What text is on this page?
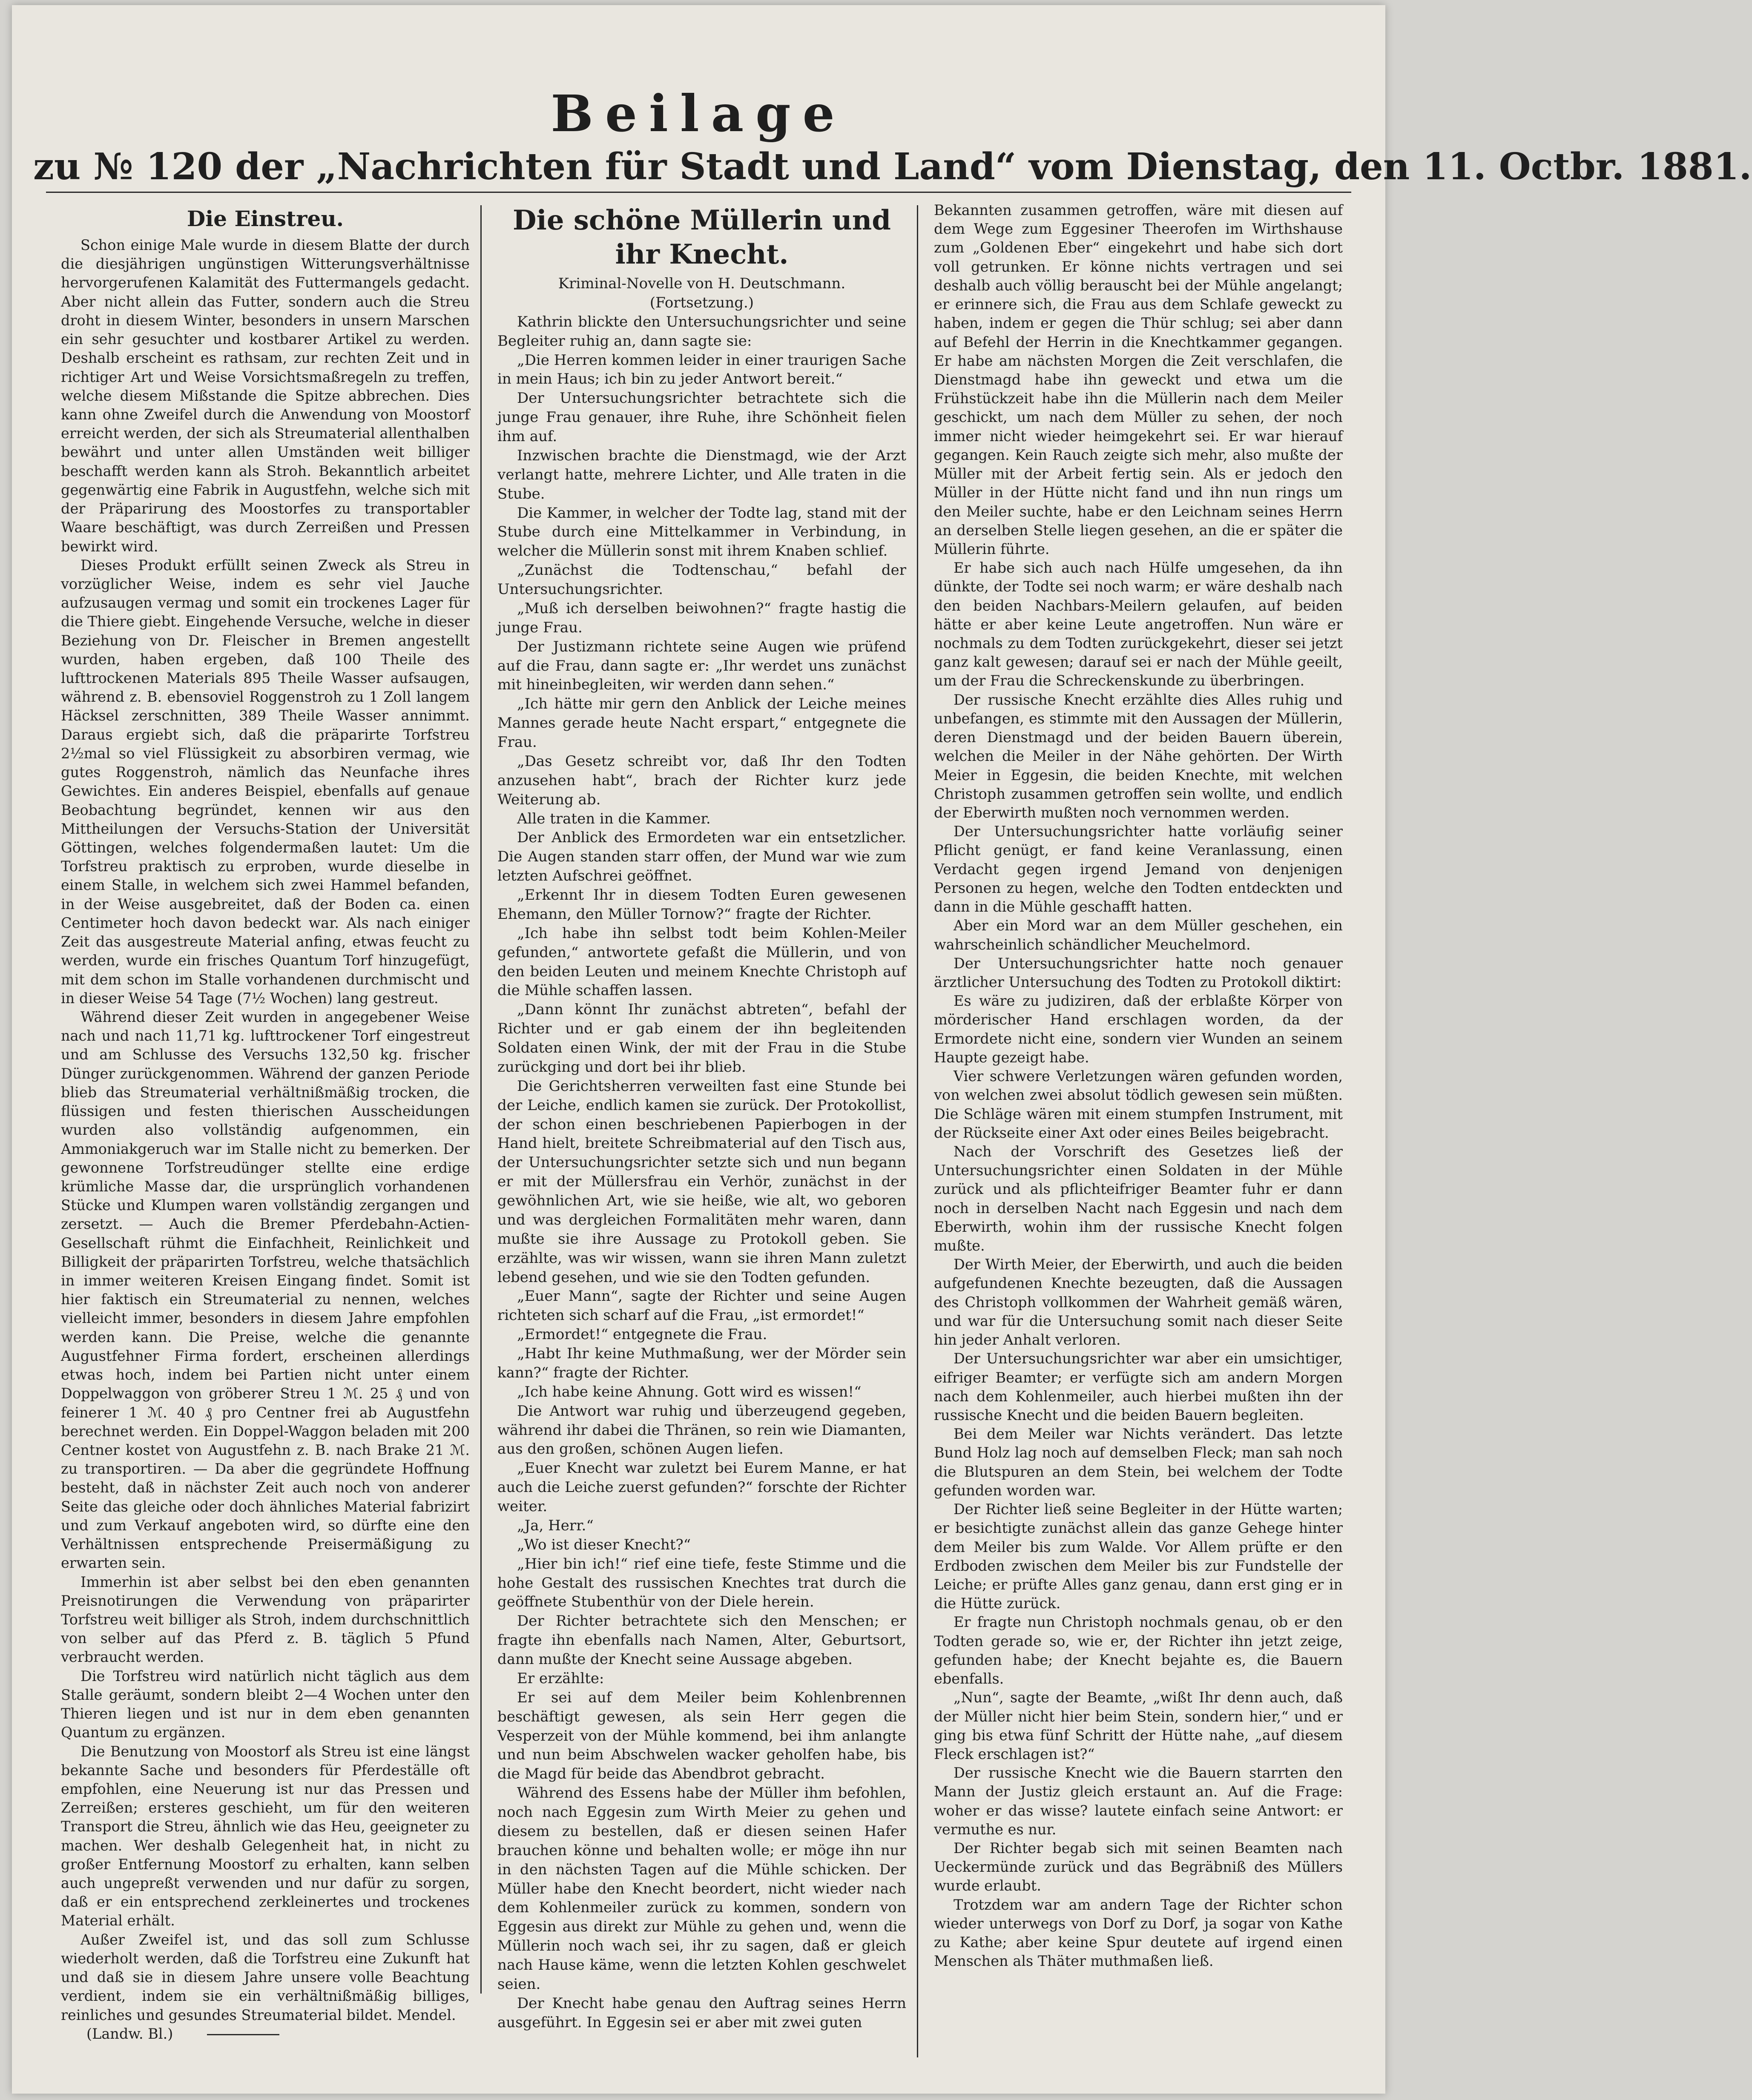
Beilage
zu № 120 der „Nachrichten für Stadt und Land“ vom Dienstag, den 11. Octbr. 1881.

Die Einstreu.

Schon einige Male wurde in diesem Blatte der durch die diesjährigen ungünstigen Witterungsverhältnisse hervorgerufenen Kalamität des Futtermangels gedacht. Aber nicht allein das Futter, sondern auch die Streu droht in diesem Winter, besonders in unsern Marschen ein sehr gesuchter und kostbarer Artikel zu werden. Deshalb erscheint es rathsam, zur rechten Zeit und in richtiger Art und Weise Vorsichtsmaßregeln zu treffen, welche diesem Mißstande die Spitze abbrechen. Dies kann ohne Zweifel durch die Anwendung von Moostorf erreicht werden, der sich als Streumaterial allenthalben bewährt und unter allen Umständen weit billiger beschafft werden kann als Stroh. Bekanntlich arbeitet gegenwärtig eine Fabrik in Augustfehn, welche sich mit der Präparirung des Moostorfes zu transportabler Waare beschäftigt, was durch Zerreißen und Pressen bewirkt wird.

Dieses Produkt erfüllt seinen Zweck als Streu in vorzüglicher Weise, indem es sehr viel Jauche aufzusaugen vermag und somit ein trockenes Lager für die Thiere giebt. Eingehende Versuche, welche in dieser Beziehung von Dr. Fleischer in Bremen angestellt wurden, haben ergeben, daß 100 Theile des lufttrockenen Materials 895 Theile Wasser aufsaugen, während z. B. ebensoviel Roggenstroh zu 1 Zoll langem Häcksel zerschnitten, 389 Theile Wasser annimmt. Daraus ergiebt sich, daß die präparirte Torfstreu 2½mal so viel Flüssigkeit zu absorbiren vermag, wie gutes Roggenstroh, nämlich das Neunfache ihres Gewichtes. Ein anderes Beispiel, ebenfalls auf genaue Beobachtung begründet, kennen wir aus den Mittheilungen der Versuchs-Station der Universität Göttingen, welches folgendermaßen lautet: Um die Torfstreu praktisch zu erproben, wurde dieselbe in einem Stalle, in welchem sich zwei Hammel befanden, in der Weise ausgebreitet, daß der Boden ca. einen Centimeter hoch davon bedeckt war. Als nach einiger Zeit das ausgestreute Material anfing, etwas feucht zu werden, wurde ein frisches Quantum Torf hinzugefügt, mit dem schon im Stalle vorhandenen durchmischt und in dieser Weise 54 Tage (7½ Wochen) lang gestreut.

Während dieser Zeit wurden in angegebener Weise nach und nach 11,71 kg. lufttrockener Torf eingestreut und am Schlusse des Versuchs 132,50 kg. frischer Dünger zurückgenommen. Während der ganzen Periode blieb das Streumaterial verhältnißmäßig trocken, die flüssigen und festen thierischen Ausscheidungen wurden also vollständig aufgenommen, ein Ammoniakgeruch war im Stalle nicht zu bemerken. Der gewonnene Torfstreudünger stellte eine erdige krümliche Masse dar, die ursprünglich vorhandenen Stücke und Klumpen waren vollständig zergangen und zersetzt. — Auch die Bremer Pferdebahn-Actien-Gesellschaft rühmt die Einfachheit, Reinlichkeit und Billigkeit der präparirten Torfstreu, welche thatsächlich in immer weiteren Kreisen Eingang findet. Somit ist hier faktisch ein Streumaterial zu nennen, welches vielleicht immer, besonders in diesem Jahre empfohlen werden kann. Die Preise, welche die genannte Augustfehner Firma fordert, erscheinen allerdings etwas hoch, indem bei Partien nicht unter einem Doppelwaggon von gröberer Streu 1 ℳ. 25 ₰ und von feinerer 1 ℳ. 40 ₰ pro Centner frei ab Augustfehn berechnet werden. Ein Doppel-Waggon beladen mit 200 Centner kostet von Augustfehn z. B. nach Brake 21 ℳ. zu transportiren. — Da aber die gegründete Hoffnung besteht, daß in nächster Zeit auch noch von anderer Seite das gleiche oder doch ähnliches Material fabrizirt und zum Verkauf angeboten wird, so dürfte eine den Verhältnissen entsprechende Preisermäßigung zu erwarten sein.

Immerhin ist aber selbst bei den eben genannten Preisnotirungen die Verwendung von präparirter Torfstreu weit billiger als Stroh, indem durchschnittlich von selber auf das Pferd z. B. täglich 5 Pfund verbraucht werden.

Die Torfstreu wird natürlich nicht täglich aus dem Stalle geräumt, sondern bleibt 2—4 Wochen unter den Thieren liegen und ist nur in dem eben genannten Quantum zu ergänzen.

Die Benutzung von Moostorf als Streu ist eine längst bekannte Sache und besonders für Pferdeställe oft empfohlen, eine Neuerung ist nur das Pressen und Zerreißen; ersteres geschieht, um für den weiteren Transport die Streu, ähnlich wie das Heu, geeigneter zu machen. Wer deshalb Gelegenheit hat, in nicht zu großer Entfernung Moostorf zu erhalten, kann selben auch ungepreßt verwenden und nur dafür zu sorgen, daß er ein entsprechend zerkleinertes und trockenes Material erhält.

Außer Zweifel ist, und das soll zum Schlusse wiederholt werden, daß die Torfstreu eine Zukunft hat und daß sie in diesem Jahre unsere volle Beachtung verdient, indem sie ein verhältnißmäßig billiges, reinliches und gesundes Streumaterial bildet. Mendel.

(Landw. Bl.)

Die schöne Müllerin und ihr Knecht.

Kriminal-Novelle von H. Deutschmann.

(Fortsetzung.)

Kathrin blickte den Untersuchungsrichter und seine Begleiter ruhig an, dann sagte sie:

„Die Herren kommen leider in einer traurigen Sache in mein Haus; ich bin zu jeder Antwort bereit.“

Der Untersuchungsrichter betrachtete sich die junge Frau genauer, ihre Ruhe, ihre Schönheit fielen ihm auf.

Inzwischen brachte die Dienstmagd, wie der Arzt verlangt hatte, mehrere Lichter, und Alle traten in die Stube.

Die Kammer, in welcher der Todte lag, stand mit der Stube durch eine Mittelkammer in Verbindung, in welcher die Müllerin sonst mit ihrem Knaben schlief.

„Zunächst die Todtenschau,“ befahl der Untersuchungsrichter.

„Muß ich derselben beiwohnen?“ fragte hastig die junge Frau.

Der Justizmann richtete seine Augen wie prüfend auf die Frau, dann sagte er: „Ihr werdet uns zunächst mit hineinbegleiten, wir werden dann sehen.“

„Ich hätte mir gern den Anblick der Leiche meines Mannes gerade heute Nacht erspart,“ entgegnete die Frau.

„Das Gesetz schreibt vor, daß Ihr den Todten anzusehen habt“, brach der Richter kurz jede Weiterung ab.

Alle traten in die Kammer.

Der Anblick des Ermordeten war ein entsetzlicher. Die Augen standen starr offen, der Mund war wie zum letzten Aufschrei geöffnet.

„Erkennt Ihr in diesem Todten Euren gewesenen Ehemann, den Müller Tornow?“ fragte der Richter.

„Ich habe ihn selbst todt beim Kohlen-Meiler gefunden,“ antwortete gefaßt die Müllerin, und von den beiden Leuten und meinem Knechte Christoph auf die Mühle schaffen lassen.

„Dann könnt Ihr zunächst abtreten“, befahl der Richter und er gab einem der ihn begleitenden Soldaten einen Wink, der mit der Frau in die Stube zurückging und dort bei ihr blieb.

Die Gerichtsherren verweilten fast eine Stunde bei der Leiche, endlich kamen sie zurück. Der Protokollist, der schon einen beschriebenen Papierbogen in der Hand hielt, breitete Schreibmaterial auf den Tisch aus, der Untersuchungsrichter setzte sich und nun begann er mit der Müllersfrau ein Verhör, zunächst in der gewöhnlichen Art, wie sie heiße, wie alt, wo geboren und was dergleichen Formalitäten mehr waren, dann mußte sie ihre Aussage zu Protokoll geben. Sie erzählte, was wir wissen, wann sie ihren Mann zuletzt lebend gesehen, und wie sie den Todten gefunden.

„Euer Mann“, sagte der Richter und seine Augen richteten sich scharf auf die Frau, „ist ermordet!“

„Ermordet!“ entgegnete die Frau.

„Habt Ihr keine Muthmaßung, wer der Mörder sein kann?“ fragte der Richter.

„Ich habe keine Ahnung. Gott wird es wissen!“

Die Antwort war ruhig und überzeugend gegeben, während ihr dabei die Thränen, so rein wie Diamanten, aus den großen, schönen Augen liefen.

„Euer Knecht war zuletzt bei Eurem Manne, er hat auch die Leiche zuerst gefunden?“ forschte der Richter weiter.

„Ja, Herr.“

„Wo ist dieser Knecht?“

„Hier bin ich!“ rief eine tiefe, feste Stimme und die hohe Gestalt des russischen Knechtes trat durch die geöffnete Stubenthür von der Diele herein.

Der Richter betrachtete sich den Menschen; er fragte ihn ebenfalls nach Namen, Alter, Geburtsort, dann mußte der Knecht seine Aussage abgeben.

Er erzählte:

Er sei auf dem Meiler beim Kohlenbrennen beschäftigt gewesen, als sein Herr gegen die Vesperzeit von der Mühle kommend, bei ihm anlangte und nun beim Abschwelen wacker geholfen habe, bis die Magd für beide das Abendbrot gebracht.

Während des Essens habe der Müller ihm befohlen, noch nach Eggesin zum Wirth Meier zu gehen und diesem zu bestellen, daß er diesen seinen Hafer brauchen könne und behalten wolle; er möge ihn nur in den nächsten Tagen auf die Mühle schicken. Der Müller habe den Knecht beordert, nicht wieder nach dem Kohlenmeiler zurück zu kommen, sondern von Eggesin aus direkt zur Mühle zu gehen und, wenn die Müllerin noch wach sei, ihr zu sagen, daß er gleich nach Hause käme, wenn die letzten Kohlen geschwelet seien.

Der Knecht habe genau den Auftrag seines Herrn ausgeführt. In Eggesin sei er aber mit zwei guten

Bekannten zusammen getroffen, wäre mit diesen auf dem Wege zum Eggesiner Theerofen im Wirthshause zum „Goldenen Eber“ eingekehrt und habe sich dort voll getrunken. Er könne nichts vertragen und sei deshalb auch völlig berauscht bei der Mühle angelangt; er erinnere sich, die Frau aus dem Schlafe geweckt zu haben, indem er gegen die Thür schlug; sei aber dann auf Befehl der Herrin in die Knechtkammer gegangen. Er habe am nächsten Morgen die Zeit verschlafen, die Dienstmagd habe ihn geweckt und etwa um die Frühstückzeit habe ihn die Müllerin nach dem Meiler geschickt, um nach dem Müller zu sehen, der noch immer nicht wieder heimgekehrt sei. Er war hierauf gegangen. Kein Rauch zeigte sich mehr, also mußte der Müller mit der Arbeit fertig sein. Als er jedoch den Müller in der Hütte nicht fand und ihn nun rings um den Meiler suchte, habe er den Leichnam seines Herrn an derselben Stelle liegen gesehen, an die er später die Müllerin führte.

Er habe sich auch nach Hülfe umgesehen, da ihn dünkte, der Todte sei noch warm; er wäre deshalb nach den beiden Nachbars-Meilern gelaufen, auf beiden hätte er aber keine Leute angetroffen. Nun wäre er nochmals zu dem Todten zurückgekehrt, dieser sei jetzt ganz kalt gewesen; darauf sei er nach der Mühle geeilt, um der Frau die Schreckenskunde zu überbringen.

Der russische Knecht erzählte dies Alles ruhig und unbefangen, es stimmte mit den Aussagen der Müllerin, deren Dienstmagd und der beiden Bauern überein, welchen die Meiler in der Nähe gehörten. Der Wirth Meier in Eggesin, die beiden Knechte, mit welchen Christoph zusammen getroffen sein wollte, und endlich der Eberwirth mußten noch vernommen werden.

Der Untersuchungsrichter hatte vorläufig seiner Pflicht genügt, er fand keine Veranlassung, einen Verdacht gegen irgend Jemand von denjenigen Personen zu hegen, welche den Todten entdeckten und dann in die Mühle geschafft hatten.

Aber ein Mord war an dem Müller geschehen, ein wahrscheinlich schändlicher Meuchelmord.

Der Untersuchungsrichter hatte noch genauer ärztlicher Untersuchung des Todten zu Protokoll diktirt:

Es wäre zu judiziren, daß der erblaßte Körper von mörderischer Hand erschlagen worden, da der Ermordete nicht eine, sondern vier Wunden an seinem Haupte gezeigt habe.

Vier schwere Verletzungen wären gefunden worden, von welchen zwei absolut tödlich gewesen sein müßten. Die Schläge wären mit einem stumpfen Instrument, mit der Rückseite einer Axt oder eines Beiles beigebracht.

Nach der Vorschrift des Gesetzes ließ der Untersuchungsrichter einen Soldaten in der Mühle zurück und als pflichteifriger Beamter fuhr er dann noch in derselben Nacht nach Eggesin und nach dem Eberwirth, wohin ihm der russische Knecht folgen mußte.

Der Wirth Meier, der Eberwirth, und auch die beiden aufgefundenen Knechte bezeugten, daß die Aussagen des Christoph vollkommen der Wahrheit gemäß wären, und war für die Untersuchung somit nach dieser Seite hin jeder Anhalt verloren.

Der Untersuchungsrichter war aber ein umsichtiger, eifriger Beamter; er verfügte sich am andern Morgen nach dem Kohlenmeiler, auch hierbei mußten ihn der russische Knecht und die beiden Bauern begleiten.

Bei dem Meiler war Nichts verändert. Das letzte Bund Holz lag noch auf demselben Fleck; man sah noch die Blutspuren an dem Stein, bei welchem der Todte gefunden worden war.

Der Richter ließ seine Begleiter in der Hütte warten; er besichtigte zunächst allein das ganze Gehege hinter dem Meiler bis zum Walde. Vor Allem prüfte er den Erdboden zwischen dem Meiler bis zur Fundstelle der Leiche; er prüfte Alles ganz genau, dann erst ging er in die Hütte zurück.

Er fragte nun Christoph nochmals genau, ob er den Todten gerade so, wie er, der Richter ihn jetzt zeige, gefunden habe; der Knecht bejahte es, die Bauern ebenfalls.

„Nun“, sagte der Beamte, „wißt Ihr denn auch, daß der Müller nicht hier beim Stein, sondern hier,“ und er ging bis etwa fünf Schritt der Hütte nahe, „auf diesem Fleck erschlagen ist?“

Der russische Knecht wie die Bauern starrten den Mann der Justiz gleich erstaunt an. Auf die Frage: woher er das wisse? lautete einfach seine Antwort: er vermuthe es nur.

Der Richter begab sich mit seinen Beamten nach Ueckermünde zurück und das Begräbniß des Müllers wurde erlaubt.

Trotzdem war am andern Tage der Richter schon wieder unterwegs von Dorf zu Dorf, ja sogar von Kathe zu Kathe; aber keine Spur deutete auf irgend einen Menschen als Thäter muthmaßen ließ.
